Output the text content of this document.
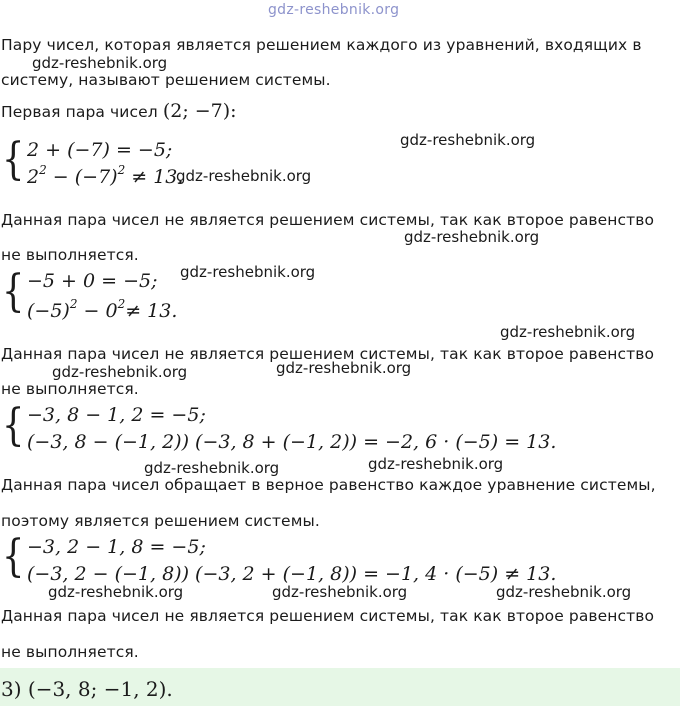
gdz-reshebnik.org
Пару чисел, которая является решением каждого из уравнений, входящих в
систему, называют решением системы.
gdz-reshebnik.org
Первая пара чисел (2; −7):
{ 2 + (−7) = −5;
$2^2 - (-7)^2 \ne 13$.
gdz-reshebnik.org
gdz-reshebnik.org
Данная пара чисел не является решением системы, так как второе равенство
не выполняется.
gdz-reshebnik.org
{ −5 + 0 = −5;
$(-5)^2 - 0^2\ne 13$.
gdz-reshebnik.org
gdz-reshebnik.org
Данная пара чисел не является решением системы, так как второе равенство
не выполняется.
gdz-reshebnik.org	gdz-reshebnik.org
{ −3, 8 − 1, 2 = −5;
(−3, 8 − (−1, 2)) (−3, 8 + (−1, 2)) = −2, 6 · (−5) = 13.
gdz-reshebnik.org	gdz-reshebnik.org
Данная пара чисел обращает в верное равенство каждое уравнение системы,
поэтому является решением системы.
{ −3, 2 − 1, 8 = −5;
(−3, 2 − (−1, 8)) (−3, 2 + (−1, 8)) = −1, 4 · (−5) ≠ 13.
gdz-reshebnik.org	gdz-reshebnik.org	gdz-reshebnik.org
Данная пара чисел не является решением системы, так как второе равенство
не выполняется.
3) (−3, 8; −1, 2).
